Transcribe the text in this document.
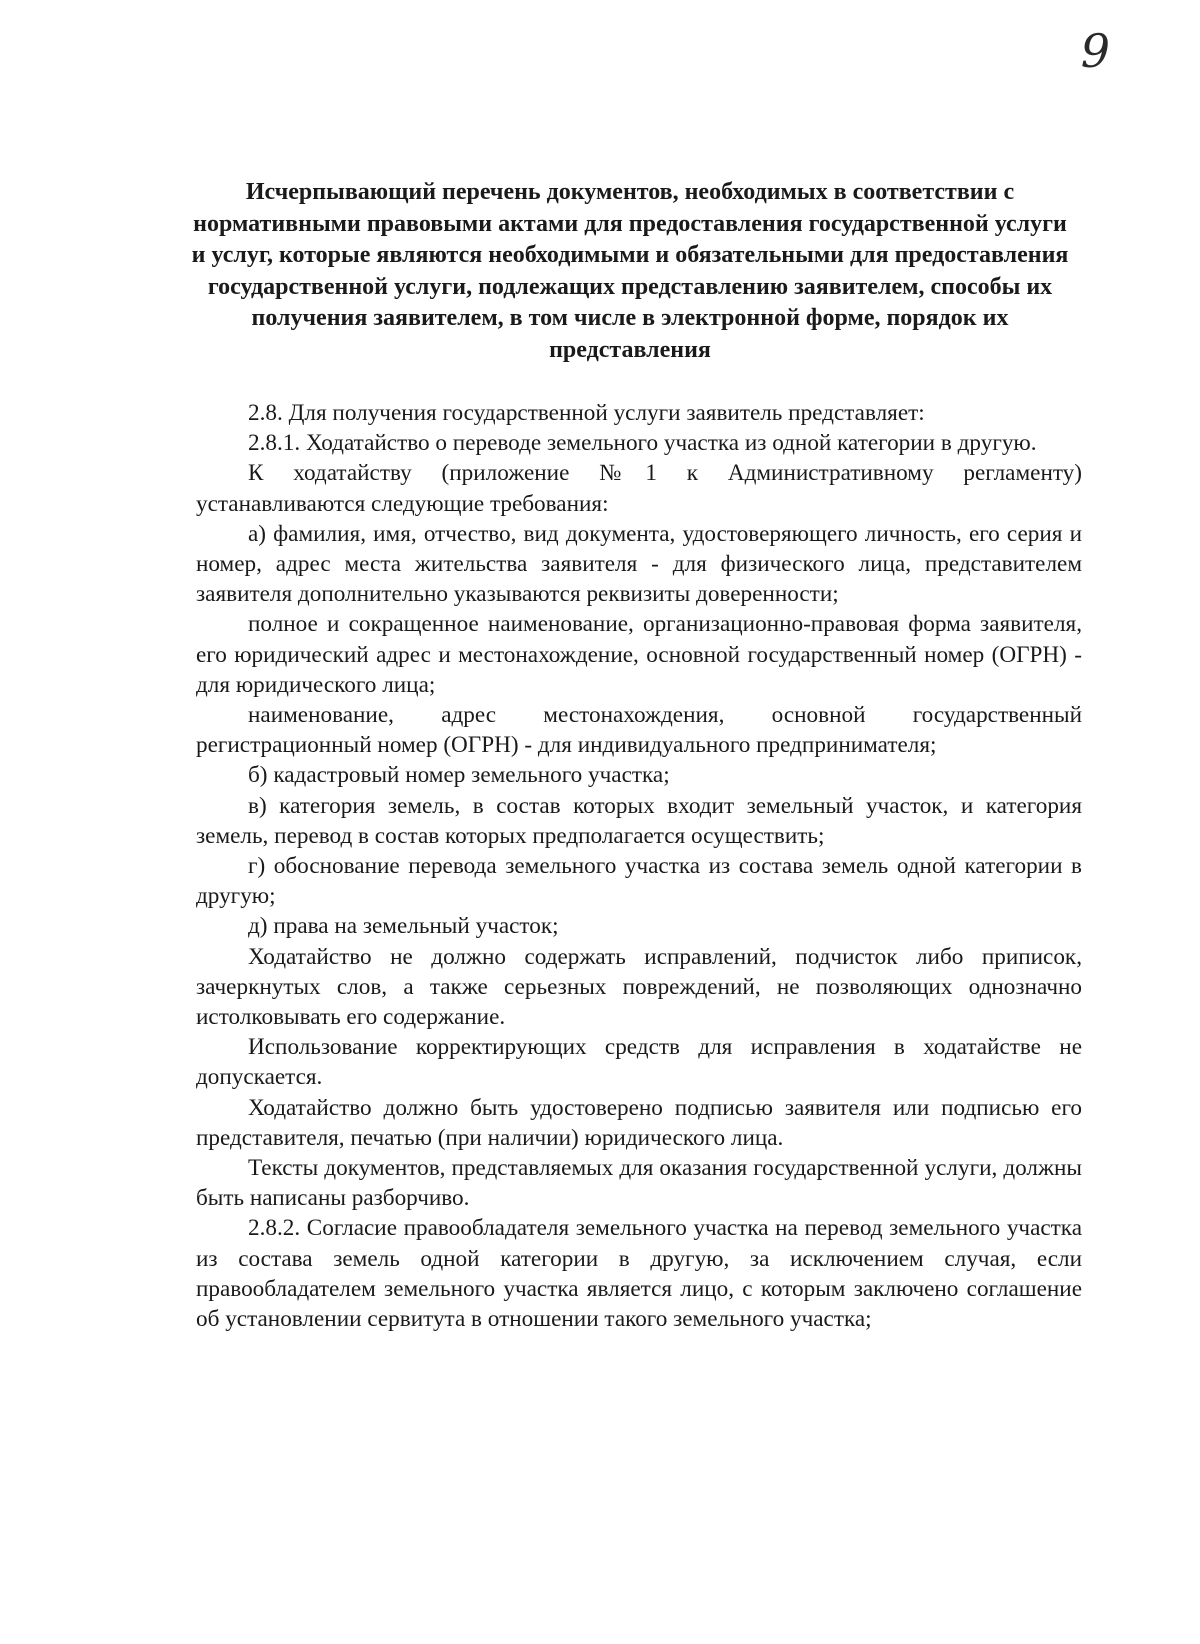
9
Исчерпывающий перечень документов, необходимых в соответствии с нормативными правовыми актами для предоставления государственной услуги и услуг, которые являются необходимыми и обязательными для предоставления государственной услуги, подлежащих представлению заявителем, способы их получения заявителем, в том числе в электронной форме, порядок их представления

2.8. Для получения государственной услуги заявитель представляет:

2.8.1. Ходатайство о переводе земельного участка из одной категории в другую.

К ходатайству (приложение №1 к Административному регламенту) устанавливаются следующие требования:

а) фамилия, имя, отчество, вид документа, удостоверяющего личность, его серия и номер, адрес места жительства заявителя - для физического лица, представителем заявителя дополнительно указываются реквизиты доверенности;

полное и сокращенное наименование, организационно-правовая форма заявителя, его юридический адрес и местонахождение, основной государственный номер (ОГРН) - для юридического лица;

наименование, адрес местонахождения, основной государственный регистрационный номер (ОГРН) - для индивидуального предпринимателя;

б) кадастровый номер земельного участка;

в) категория земель, в состав которых входит земельный участок, и категория земель, перевод в состав которых предполагается осуществить;

г) обоснование перевода земельного участка из состава земель одной категории в другую;

д) права на земельный участок;

Ходатайство не должно содержать исправлений, подчисток либо приписок, зачеркнутых слов, а также серьезных повреждений, не позволяющих однозначно истолковывать его содержание.

Использование корректирующих средств для исправления в ходатайстве не допускается.

Ходатайство должно быть удостоверено подписью заявителя или подписью его представителя, печатью (при наличии) юридического лица.

Тексты документов, представляемых для оказания государственной услуги, должны быть написаны разборчиво.

2.8.2. Согласие правообладателя земельного участка на перевод земельного участка из состава земель одной категории в другую, за исключением случая, если правообладателем земельного участка является лицо, с которым заключено соглашение об установлении сервитута в отношении такого земельного участка;
